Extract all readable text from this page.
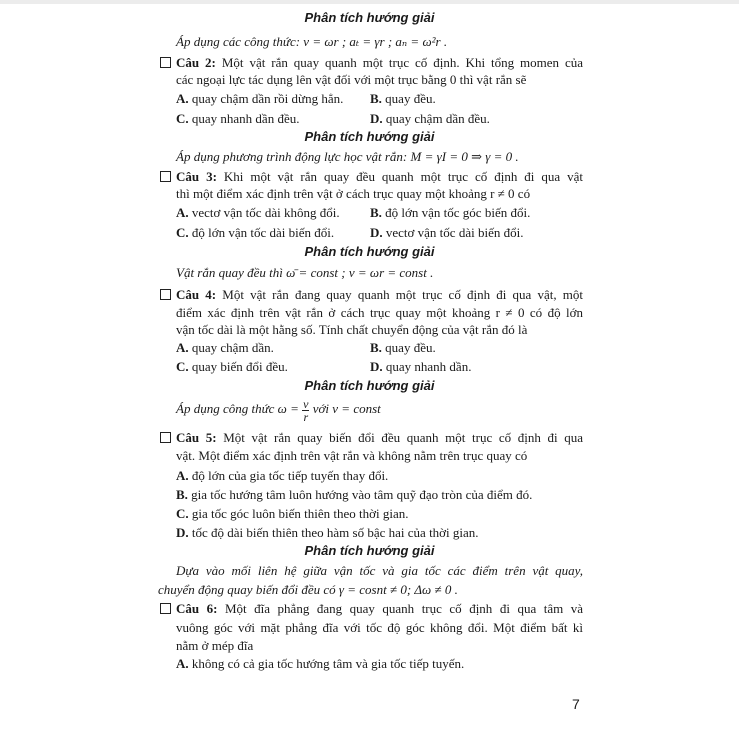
Phân tích hướng giải
Áp dụng các công thức: v = ωr ; aₜ = γr ; aₙ = ω²r .
Câu 2: Một vật rắn quay quanh một trục cố định. Khi tổng momen của
các ngoại lực tác dụng lên vật đối với một trục bằng 0 thì vật rắn sẽ
A. quay chậm dần rồi dừng hẳn. B. quay đều.
C. quay nhanh dần đều.	D. quay chậm dần đều.
Phân tích hướng giải
Áp dụng phương trình động lực học vật rắn: M = γI = 0 ⇒ γ = 0 .
Câu 3: Khi một vật rắn quay đều quanh một trục cố định đi qua vật
thì một điểm xác định trên vật ở cách trục quay một khoảng r ≠ 0 có
A. vectơ vận tốc dài không đổi. B. độ lớn vận tốc góc biến đổi.
C. độ lớn vận tốc dài biến đổi.	D. vectơ vận tốc dài biến đổi.
Phân tích hướng giải
Vật rắn quay đều thì ω̄ = const ; v = ωr = const .
Câu 4: Một vật rắn đang quay quanh một trục cố định đi qua vật, một
điểm xác định trên vật rắn ở cách trục quay một khoảng r ≠ 0 có độ lớn
vận tốc dài là một hằng số. Tính chất chuyển động của vật rắn đó là
A. quay chậm dần.	B. quay đều.
C. quay biến đổi đều.	D. quay nhanh dần.
Phân tích hướng giải
Áp dụng công thức $\omega = \frac{v}{r}$ với v = const
Câu 5: Một vật rắn quay biến đổi đều quanh một trục cố định đi qua
vật. Một điểm xác định trên vật rắn và không nằm trên trục quay có
A. độ lớn của gia tốc tiếp tuyến thay đổi.
B. gia tốc hướng tâm luôn hướng vào tâm quỹ đạo tròn của điểm đó.
C. gia tốc góc luôn biến thiên theo thời gian.
D. tốc độ dài biến thiên theo hàm số bậc hai của thời gian.
Phân tích hướng giải
Dựa vào mối liên hệ giữa vận tốc và gia tốc các điểm trên vật quay,
chuyển động quay biến đổi đều có γ = cosnt ≠ 0; Δω ≠ 0 .
Câu 6: Một đĩa phẳng đang quay quanh trục cố định đi qua tâm và
vuông góc với mặt phẳng đĩa với tốc độ góc không đổi. Một điểm bất kì
nằm ở mép đĩa
A. không có cả gia tốc hướng tâm và gia tốc tiếp tuyến.
7
